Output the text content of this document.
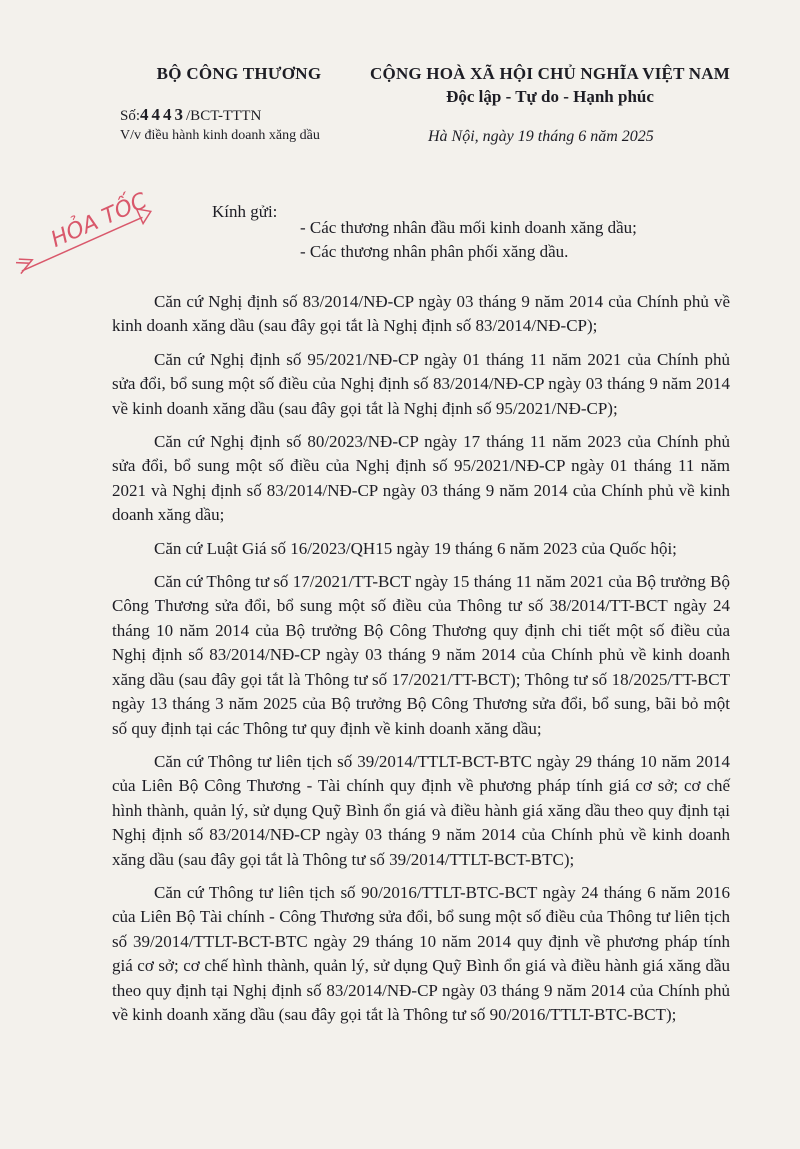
BỘ CÔNG THƯƠNG	CỘNG HOÀ XÃ HỘI CHỦ NGHĨA VIỆT NAM
Độc lập - Tự do - Hạnh phúc
Số:4443/BCT-TTTN
V/v điều hành kinh doanh xăng dầu	Hà Nội, ngày 19 tháng 6 năm 2025
HỎA TỐC	Kính gửi:
- Các thương nhân đầu mối kinh doanh xăng dầu;
- Các thương nhân phân phối xăng dầu.

Căn cứ Nghị định số 83/2014/NĐ-CP ngày 03 tháng 9 năm 2014 của Chính phủ về kinh doanh xăng dầu (sau đây gọi tắt là Nghị định số 83/2014/NĐ-CP);

Căn cứ Nghị định số 95/2021/NĐ-CP ngày 01 tháng 11 năm 2021 của Chính phủ sửa đổi, bổ sung một số điều của Nghị định số 83/2014/NĐ-CP ngày 03 tháng 9 năm 2014 về kinh doanh xăng dầu (sau đây gọi tắt là Nghị định số 95/2021/NĐ-CP);

Căn cứ Nghị định số 80/2023/NĐ-CP ngày 17 tháng 11 năm 2023 của Chính phủ sửa đổi, bổ sung một số điều của Nghị định số 95/2021/NĐ-CP ngày 01 tháng 11 năm 2021 và Nghị định số 83/2014/NĐ-CP ngày 03 tháng 9 năm 2014 của Chính phủ về kinh doanh xăng dầu;

Căn cứ Luật Giá số 16/2023/QH15 ngày 19 tháng 6 năm 2023 của Quốc hội;

Căn cứ Thông tư số 17/2021/TT-BCT ngày 15 tháng 11 năm 2021 của Bộ trưởng Bộ Công Thương sửa đổi, bổ sung một số điều của Thông tư số 38/2014/TT-BCT ngày 24 tháng 10 năm 2014 của Bộ trưởng Bộ Công Thương quy định chi tiết một số điều của Nghị định số 83/2014/NĐ-CP ngày 03 tháng 9 năm 2014 của Chính phủ về kinh doanh xăng dầu (sau đây gọi tắt là Thông tư số 17/2021/TT-BCT); Thông tư số 18/2025/TT-BCT ngày 13 tháng 3 năm 2025 của Bộ trưởng Bộ Công Thương sửa đổi, bổ sung, bãi bỏ một số quy định tại các Thông tư quy định về kinh doanh xăng dầu;

Căn cứ Thông tư liên tịch số 39/2014/TTLT-BCT-BTC ngày 29 tháng 10 năm 2014 của Liên Bộ Công Thương - Tài chính quy định về phương pháp tính giá cơ sở; cơ chế hình thành, quản lý, sử dụng Quỹ Bình ổn giá và điều hành giá xăng dầu theo quy định tại Nghị định số 83/2014/NĐ-CP ngày 03 tháng 9 năm 2014 của Chính phủ về kinh doanh xăng dầu (sau đây gọi tắt là Thông tư số 39/2014/TTLT-BCT-BTC);

Căn cứ Thông tư liên tịch số 90/2016/TTLT-BTC-BCT ngày 24 tháng 6 năm 2016 của Liên Bộ Tài chính - Công Thương sửa đổi, bổ sung một số điều của Thông tư liên tịch số 39/2014/TTLT-BCT-BTC ngày 29 tháng 10 năm 2014 quy định về phương pháp tính giá cơ sở; cơ chế hình thành, quản lý, sử dụng Quỹ Bình ổn giá và điều hành giá xăng dầu theo quy định tại Nghị định số 83/2014/NĐ-CP ngày 03 tháng 9 năm 2014 của Chính phủ về kinh doanh xăng dầu (sau đây gọi tắt là Thông tư số 90/2016/TTLT-BTC-BCT);
